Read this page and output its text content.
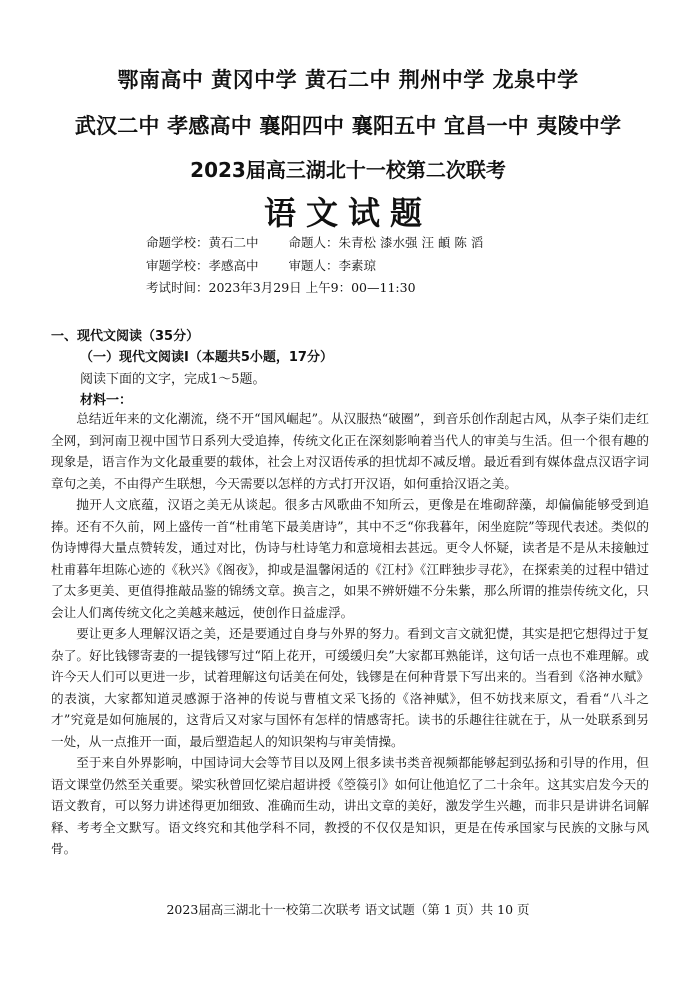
鄂南高中 黄冈中学 黄石二中 荆州中学 龙泉中学
武汉二中 孝感高中 襄阳四中 襄阳五中 宜昌一中 夷陵中学
2023届高三湖北十一校第二次联考
语文试题
命题学校：黄石二中 命题人：朱青松 漆水强 汪 頔 陈 滔
审题学校：孝感高中 审题人：李素琼
考试时间：2023年3月29日 上午9：00—11:30
一、现代文阅读（35分）
（一）现代文阅读Ⅰ（本题共5小题，17分）
阅读下面的文字，完成1～5题。
材料一：

总结近年来的文化潮流，绕不开“国风崛起”。从汉服热“破圈”，到音乐创作刮起古风，从李子柒们走红全网，到河南卫视中国节日系列大受追捧，传统文化正在深刻影响着当代人的审美与生活。但一个很有趣的现象是，语言作为文化最重要的载体，社会上对汉语传承的担忧却不减反增。最近看到有媒体盘点汉语字词章句之美，不由得产生联想，今天需要以怎样的方式打开汉语，如何重拾汉语之美。

抛开人文底蕴，汉语之美无从谈起。很多古风歌曲不知所云，更像是在堆砌辞藻，却偏偏能够受到追捧。还有不久前，网上盛传一首“杜甫笔下最美唐诗”，其中不乏“你我暮年，闲坐庭院”等现代表述。类似的伪诗博得大量点赞转发，通过对比，伪诗与杜诗笔力和意境相去甚远。更令人怀疑，读者是不是从未接触过杜甫暮年坦陈心迹的《秋兴》《阁夜》，抑或是温馨闲适的《江村》《江畔独步寻花》，在探索美的过程中错过了太多更美、更值得推敲品鉴的锦绣文章。换言之，如果不辨妍媸不分朱紫，那么所谓的推崇传统文化，只会让人们离传统文化之美越来越远，使创作日益虚浮。

要让更多人理解汉语之美，还是要通过自身与外界的努力。看到文言文就犯憷，其实是把它想得过于复杂了。好比钱镠寄妻的一提钱镠写过“陌上花开，可缓缓归矣”大家都耳熟能详，这句话一点也不难理解。或许今天人们可以更进一步，试着理解这句话美在何处，钱镠是在何种背景下写出来的。当看到《洛神水赋》的表演，大家都知道灵感源于洛神的传说与曹植文采飞扬的《洛神赋》，但不妨找来原文，看看“八斗之才”究竟是如何施展的，这背后又对家与国怀有怎样的情感寄托。读书的乐趣往往就在于，从一处联系到另一处，从一点推开一面，最后塑造起人的知识架构与审美情操。

至于来自外界影响，中国诗词大会等节目以及网上很多读书类音视频都能够起到弘扬和引导的作用，但语文课堂仍然至关重要。梁实秋曾回忆梁启超讲授《箜篌引》如何让他追忆了二十余年。这其实启发今天的语文教育，可以努力讲述得更加细致、准确而生动，讲出文章的美好，激发学生兴趣，而非只是讲讲名词解释、考考全文默写。语文终究和其他学科不同，教授的不仅仅是知识，更是在传承国家与民族的文脉与风骨。

2023届高三湖北十一校第二次联考 语文试题（第 1 页）共 10 页
